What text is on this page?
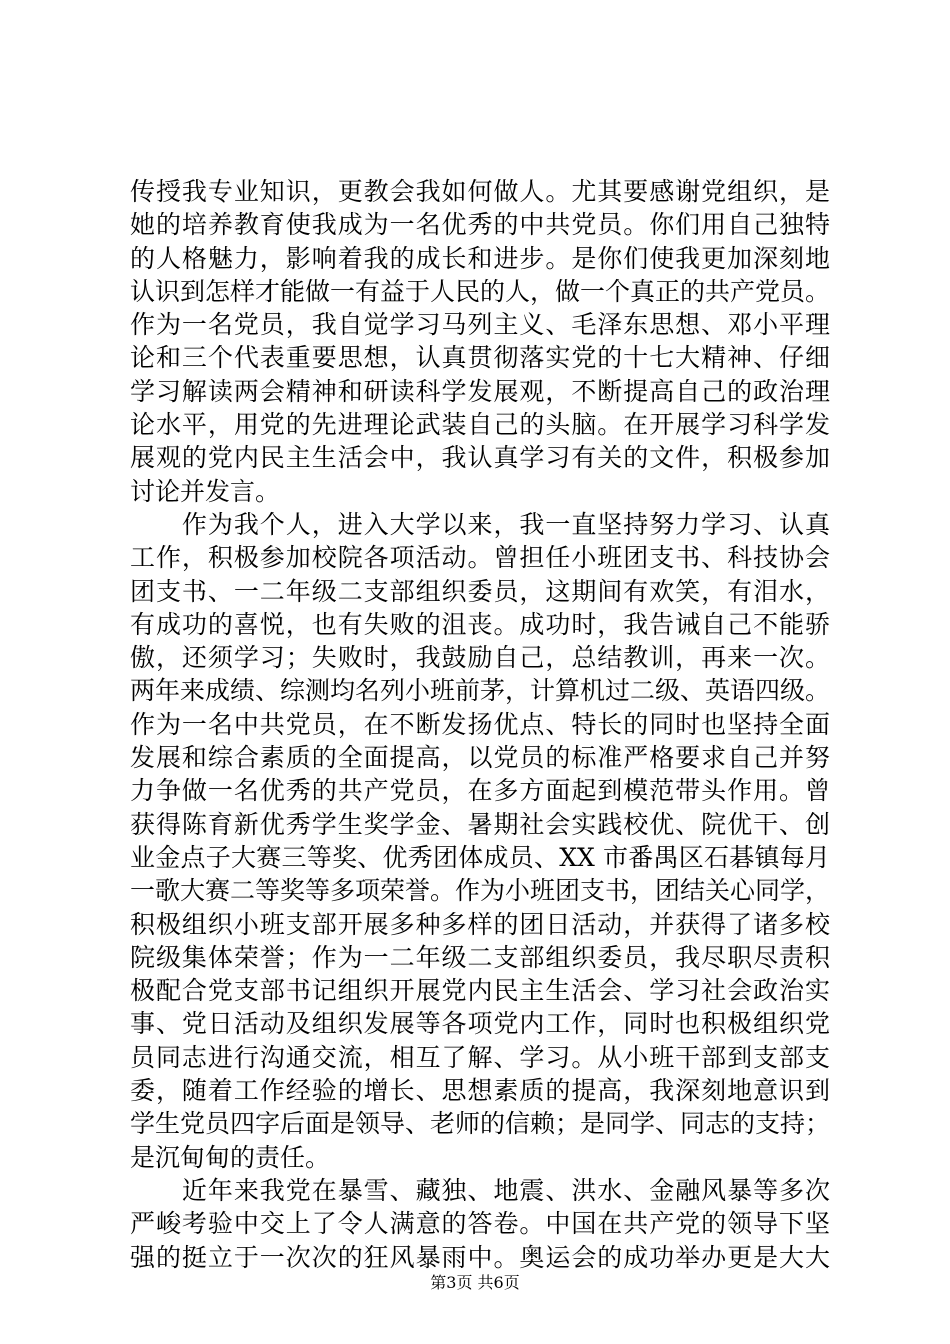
传授我专业知识，更教会我如何做人。尤其要感谢党组织，是
她的培养教育使我成为一名优秀的中共党员。你们用自己独特
的人格魅力，影响着我的成长和进步。是你们使我更加深刻地
认识到怎样才能做一有益于人民的人，做一个真正的共产党员。
作为一名党员，我自觉学习马列主义、毛泽东思想、邓小平理
论和三个代表重要思想，认真贯彻落实党的十七大精神、仔细
学习解读两会精神和研读科学发展观，不断提高自己的政治理
论水平，用党的先进理论武装自己的头脑。在开展学习科学发
展观的党内民主生活会中，我认真学习有关的文件，积极参加
讨论并发言。
　　作为我个人，进入大学以来，我一直坚持努力学习、认真
工作，积极参加校院各项活动。曾担任小班团支书、科技协会
团支书、一二年级二支部组织委员，这期间有欢笑，有泪水，
有成功的喜悦，也有失败的沮丧。成功时，我告诫自己不能骄
傲，还须学习；失败时，我鼓励自己，总结教训，再来一次。
两年来成绩、综测均名列小班前茅，计算机过二级、英语四级。
作为一名中共党员，在不断发扬优点、特长的同时也坚持全面
发展和综合素质的全面提高，以党员的标准严格要求自己并努
力争做一名优秀的共产党员，在多方面起到模范带头作用。曾
获得陈育新优秀学生奖学金、暑期社会实践校优、院优干、创
业金点子大赛三等奖、优秀团体成员、XX 市番禺区石碁镇每月
一歌大赛二等奖等多项荣誉。作为小班团支书，团结关心同学，
积极组织小班支部开展多种多样的团日活动，并获得了诸多校
院级集体荣誉；作为一二年级二支部组织委员，我尽职尽责积
极配合党支部书记组织开展党内民主生活会、学习社会政治实
事、党日活动及组织发展等各项党内工作，同时也积极组织党
员同志进行沟通交流，相互了解、学习。从小班干部到支部支
委，随着工作经验的增长、思想素质的提高，我深刻地意识到
学生党员四字后面是领导、老师的信赖；是同学、同志的支持；
是沉甸甸的责任。
　　近年来我党在暴雪、藏独、地震、洪水、金融风暴等多次
严峻考验中交上了令人满意的答卷。中国在共产党的领导下坚
强的挺立于一次次的狂风暴雨中。奥运会的成功举办更是大大
第3页 共6页
